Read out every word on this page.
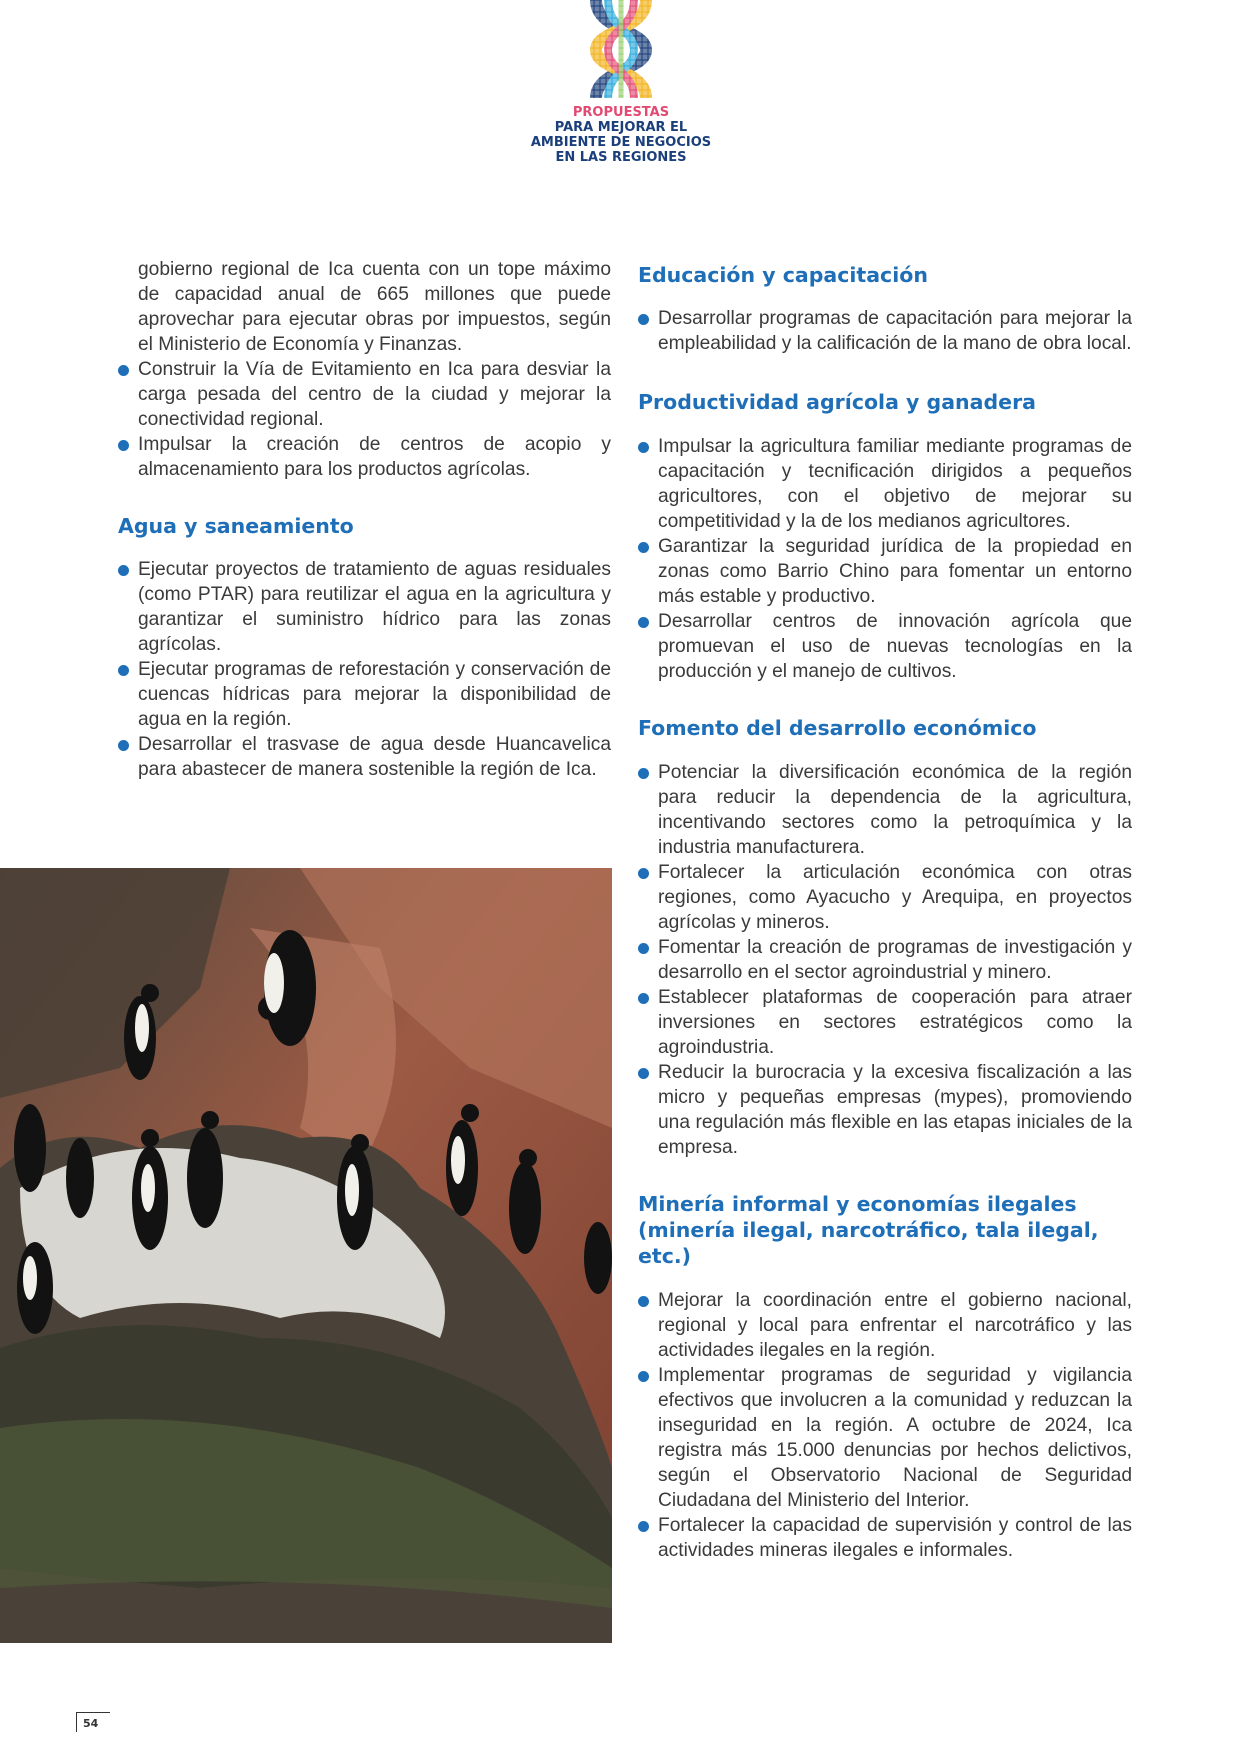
PROPUESTAS
PARA MEJORAR EL
AMBIENTE DE NEGOCIOS
EN LAS REGIONES

gobierno regional de Ica cuenta con un tope máximo de capacidad anual de 665 millones que puede aprovechar para ejecutar obras por impuestos, según el Ministerio de Economía y Finanzas.

Construir la Vía de Evitamiento en Ica para desviar la carga pesada del centro de la ciudad y mejorar la conectividad regional.

Impulsar la creación de centros de acopio y almacenamiento para los productos agrícolas.

Agua y saneamiento

Ejecutar proyectos de tratamiento de aguas residuales (como PTAR) para reutilizar el agua en la agricultura y garantizar el suministro hídrico para las zonas agrícolas.

Ejecutar programas de reforestación y conservación de cuencas hídricas para mejorar la disponibilidad de agua en la región.

Desarrollar el trasvase de agua desde Huancavelica para abastecer de manera sostenible la región de Ica.

Educación y capacitación

Desarrollar programas de capacitación para mejorar la empleabilidad y la calificación de la mano de obra local.

Productividad agrícola y ganadera

Impulsar la agricultura familiar mediante programas de capacitación y tecnificación dirigidos a pequeños agricultores, con el objetivo de mejorar su competitividad y la de los medianos agricultores.

Garantizar la seguridad jurídica de la propiedad en zonas como Barrio Chino para fomentar un entorno más estable y productivo.

Desarrollar centros de innovación agrícola que promuevan el uso de nuevas tecnologías en la producción y el manejo de cultivos.

Fomento del desarrollo económico

Potenciar la diversificación económica de la región para reducir la dependencia de la agricultura, incentivando sectores como la petroquímica y la industria manufacturera.

Fortalecer la articulación económica con otras regiones, como Ayacucho y Arequipa, en proyectos agrícolas y mineros.

Fomentar la creación de programas de investigación y desarrollo en el sector agroindustrial y minero.

Establecer plataformas de cooperación para atraer inversiones en sectores estratégicos como la agroindustria.

Reducir la burocracia y la excesiva fiscalización a las micro y pequeñas empresas (mypes), promoviendo una regulación más flexible en las etapas iniciales de la empresa.

Minería informal y economías ilegales (minería ilegal, narcotráfico, tala ilegal, etc.)

Mejorar la coordinación entre el gobierno nacional, regional y local para enfrentar el narcotráfico y las actividades ilegales en la región.

Implementar programas de seguridad y vigilancia efectivos que involucren a la comunidad y reduzcan la inseguridad en la región. A octubre de 2024, Ica registra más 15.000 denuncias por hechos delictivos, según el Observatorio Nacional de Seguridad Ciudadana del Ministerio del Interior.

Fortalecer la capacidad de supervisión y control de las actividades mineras ilegales e informales.

54
